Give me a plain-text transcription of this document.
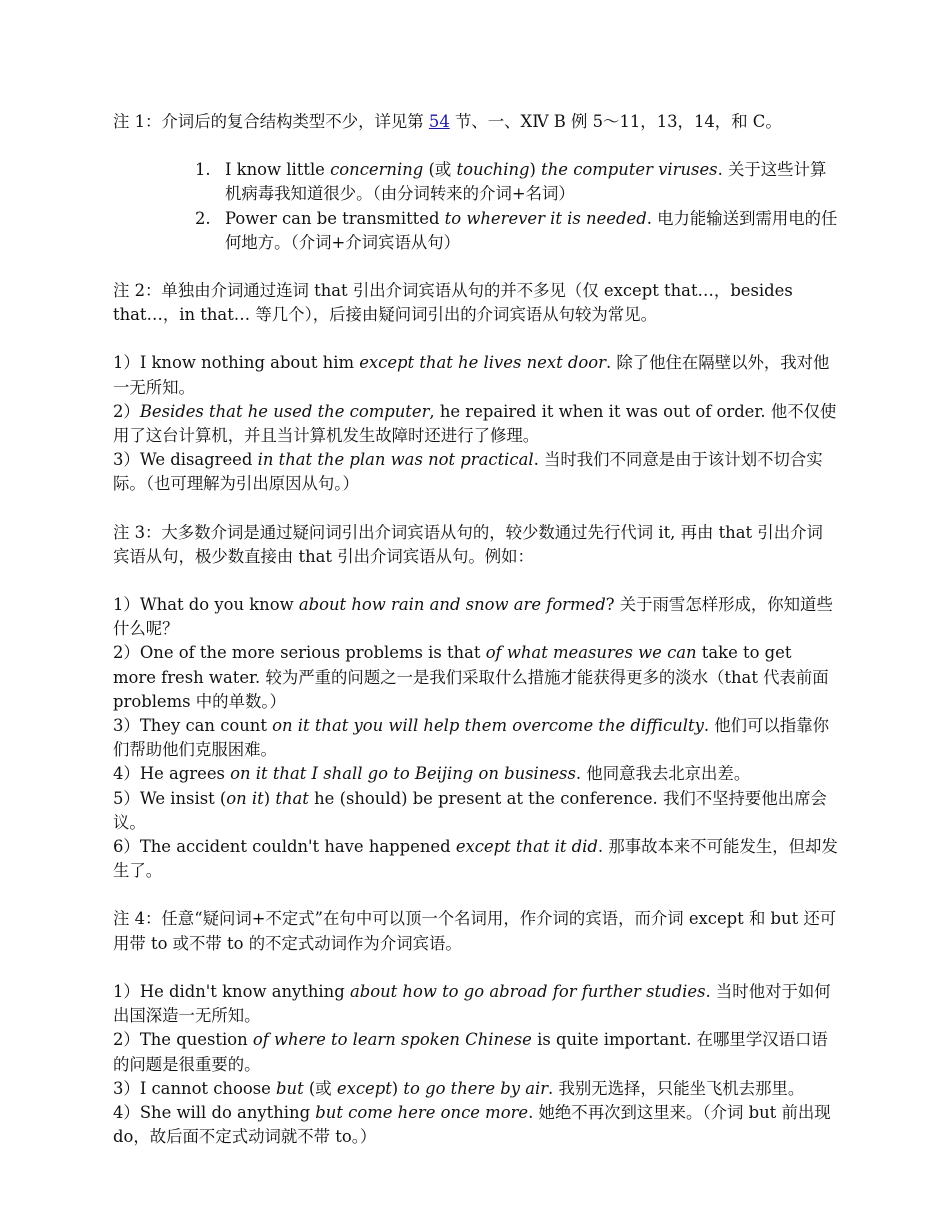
注 1：介词后的复合结构类型不少，详见第 54 节、一、ⅩⅣ B 例 5～11，13，14，和 C。

1. I know little concerning (或 touching) the computer viruses. 关于这些计算机病毒我知道很少。（由分词转来的介词+名词）
2. Power can be transmitted to wherever it is needed. 电力能输送到需用电的任何地方。（介词+介词宾语从句）

注 2：单独由介词通过连词 that 引出介词宾语从句的并不多见（仅 except that…，besides that…，in that… 等几个），后接由疑问词引出的介词宾语从句较为常见。

1）I know nothing about him except that he lives next door. 除了他住在隔壁以外，我对他一无所知。

2）Besides that he used the computer, he repaired it when it was out of order. 他不仅使用了这台计算机，并且当计算机发生故障时还进行了修理。

3）We disagreed in that the plan was not practical. 当时我们不同意是由于该计划不切合实际。（也可理解为引出原因从句。）

注 3：大多数介词是通过疑问词引出介词宾语从句的，较少数通过先行代词 it, 再由 that 引出介词宾语从句，极少数直接由 that 引出介词宾语从句。例如：

1）What do you know about how rain and snow are formed? 关于雨雪怎样形成，你知道些什么呢？

2）One of the more serious problems is that of what measures we can take to get more fresh water. 较为严重的问题之一是我们采取什么措施才能获得更多的淡水（that 代表前面 problems 中的单数。）

3）They can count on it that you will help them overcome the difficulty. 他们可以指靠你们帮助他们克服困难。

4）He agrees on it that I shall go to Beijing on business. 他同意我去北京出差。

5）We insist (on it) that he (should) be present at the conference. 我们不坚持要他出席会议。

6）The accident couldn't have happened except that it did. 那事故本来不可能发生，但却发生了。

注 4：任意“疑问词+不定式”在句中可以顶一个名词用，作介词的宾语，而介词 except 和 but 还可用带 to 或不带 to 的不定式动词作为介词宾语。

1）He didn't know anything about how to go abroad for further studies. 当时他对于如何出国深造一无所知。

2）The question of where to learn spoken Chinese is quite important. 在哪里学汉语口语的问题是很重要的。

3）I cannot choose but (或 except) to go there by air. 我别无选择，只能坐飞机去那里。

4）She will do anything but come here once more. 她绝不再次到这里来。（介词 but 前出现 do，故后面不定式动词就不带 to。）
